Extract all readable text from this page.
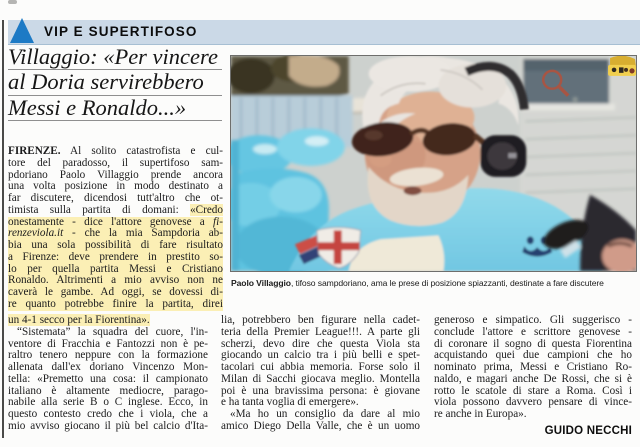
VIP E SUPERTIFOSO
Villaggio: «Per vincere
al Doria servirebbero
Messi e Ronaldo...»
FIRENZE. Al solito catastrofista e cul-
tore del paradosso, il supertifoso sam-
pdoriano Paolo Villaggio prende ancora
una volta posizione in modo destinato a
far discutere, dicendosi tutt'altro che ot-
timista sulla partita di domani: «Credo
onestamente - dice l'attore genovese a fi-
renzeviola.it - che la mia Sampdoria ab-
bia una sola possibilità di fare risultato
a Firenze: deve prendere in prestito so-
lo per quella partita Messi e Cristiano
Ronaldo. Altrimenti a mio avviso non ne
caverà le gambe. Ad oggi, se dovessi di-
re quanto potrebbe finire la partita, direi
Paolo Villaggio, tifoso sampdoriano, ama le prese di posizione spiazzanti, destinate a fare discutere
un 4-1 secco per la Fiorentina».
“Sistemata” la squadra del cuore, l'in-
ventore di Fracchia e Fantozzi non è pe-
raltro tenero neppure con la formazione
allenata dall'ex doriano Vincenzo Mon-
tella: «Premetto una cosa: il campionato
italiano è altamente mediocre, parago-
nabile alla serie B o C inglese. Ecco, in
questo contesto credo che i viola, che a
mio avviso giocano il più bel calcio d'Ita-
lia, potrebbero ben figurare nella cadet-
teria della Premier League!!!. A parte gli
scherzi, devo dire che questa Viola sta
giocando un calcio tra i più belli e spet-
tacolari cui abbia memoria. Forse solo il
Milan di Sacchi giocava meglio. Montella
poi è una bravissima persona: è giovane
e ha tanta voglia di emergere».
«Ma ho un consiglio da dare al mio
amico Diego Della Valle, che è un uomo
generoso e simpatico. Gli suggerisco -
conclude l'attore e scrittore genovese -
di coronare il sogno di questa Fiorentina
acquistando quei due campioni che ho
nominato prima, Messi e Cristiano Ro-
naldo, e magari anche De Rossi, che si è
rotto le scatole di stare a Roma. Così i
viola possono davvero pensare di vince-
re anche in Europa».
GUIDO NECCHI
